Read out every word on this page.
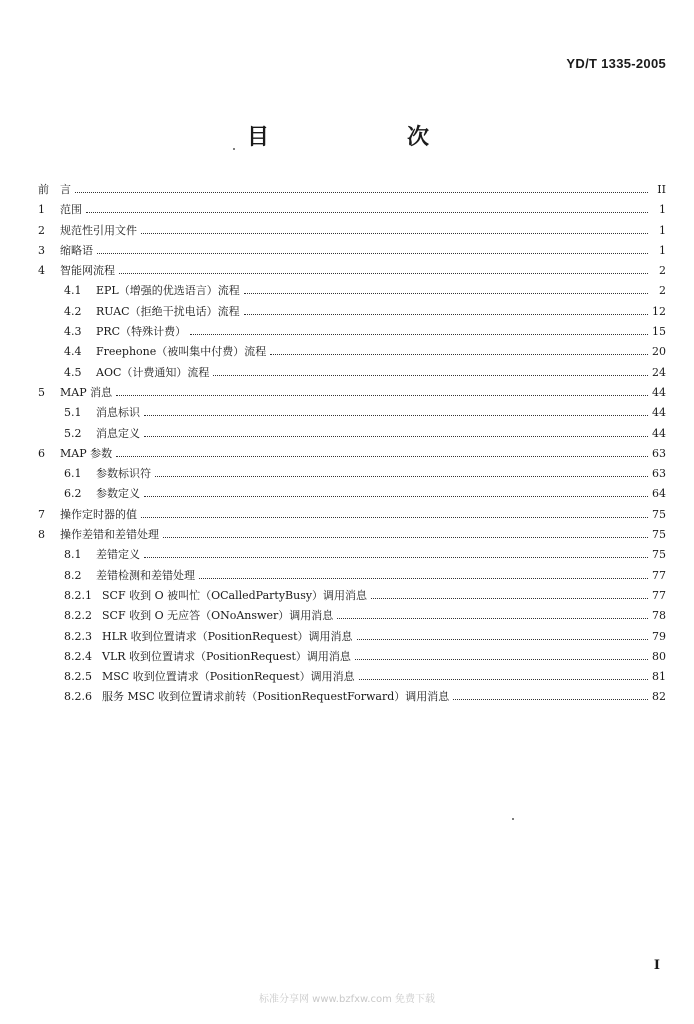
YD/T 1335-2005
目　次
前	言	II
1	范围	1
2	规范性引用文件	1
3	缩略语	1
4	智能网流程	2
4.1	EPL（增强的优选语言）流程	2
4.2	RUAC（拒绝干扰电话）流程	12
4.3	PRC（特殊计费）	15
4.4	Freephone（被叫集中付费）流程	20
4.5	AOC（计费通知）流程	24
5	MAP 消息	44
5.1	消息标识	44
5.2	消息定义	44
6	MAP 参数	63
6.1	参数标识符	63
6.2	参数定义	64
7	操作定时器的值	75
8	操作差错和差错处理	75
8.1	差错定义	75
8.2	差错检测和差错处理	77
8.2.1 SCF 收到 O 被叫忙（OCalledPartyBusy）调用消息	77
8.2.2 SCF 收到 O 无应答（ONoAnswer）调用消息	78
8.2.3 HLR 收到位置请求（PositionRequest）调用消息	79
8.2.4 VLR 收到位置请求（PositionRequest）调用消息	80
8.2.5 MSC 收到位置请求（PositionRequest）调用消息	81
8.2.6 服务 MSC 收到位置请求前转（PositionRequestForward）调用消息	82
I
标准分享网 www.bzfxw.com 免费下载
